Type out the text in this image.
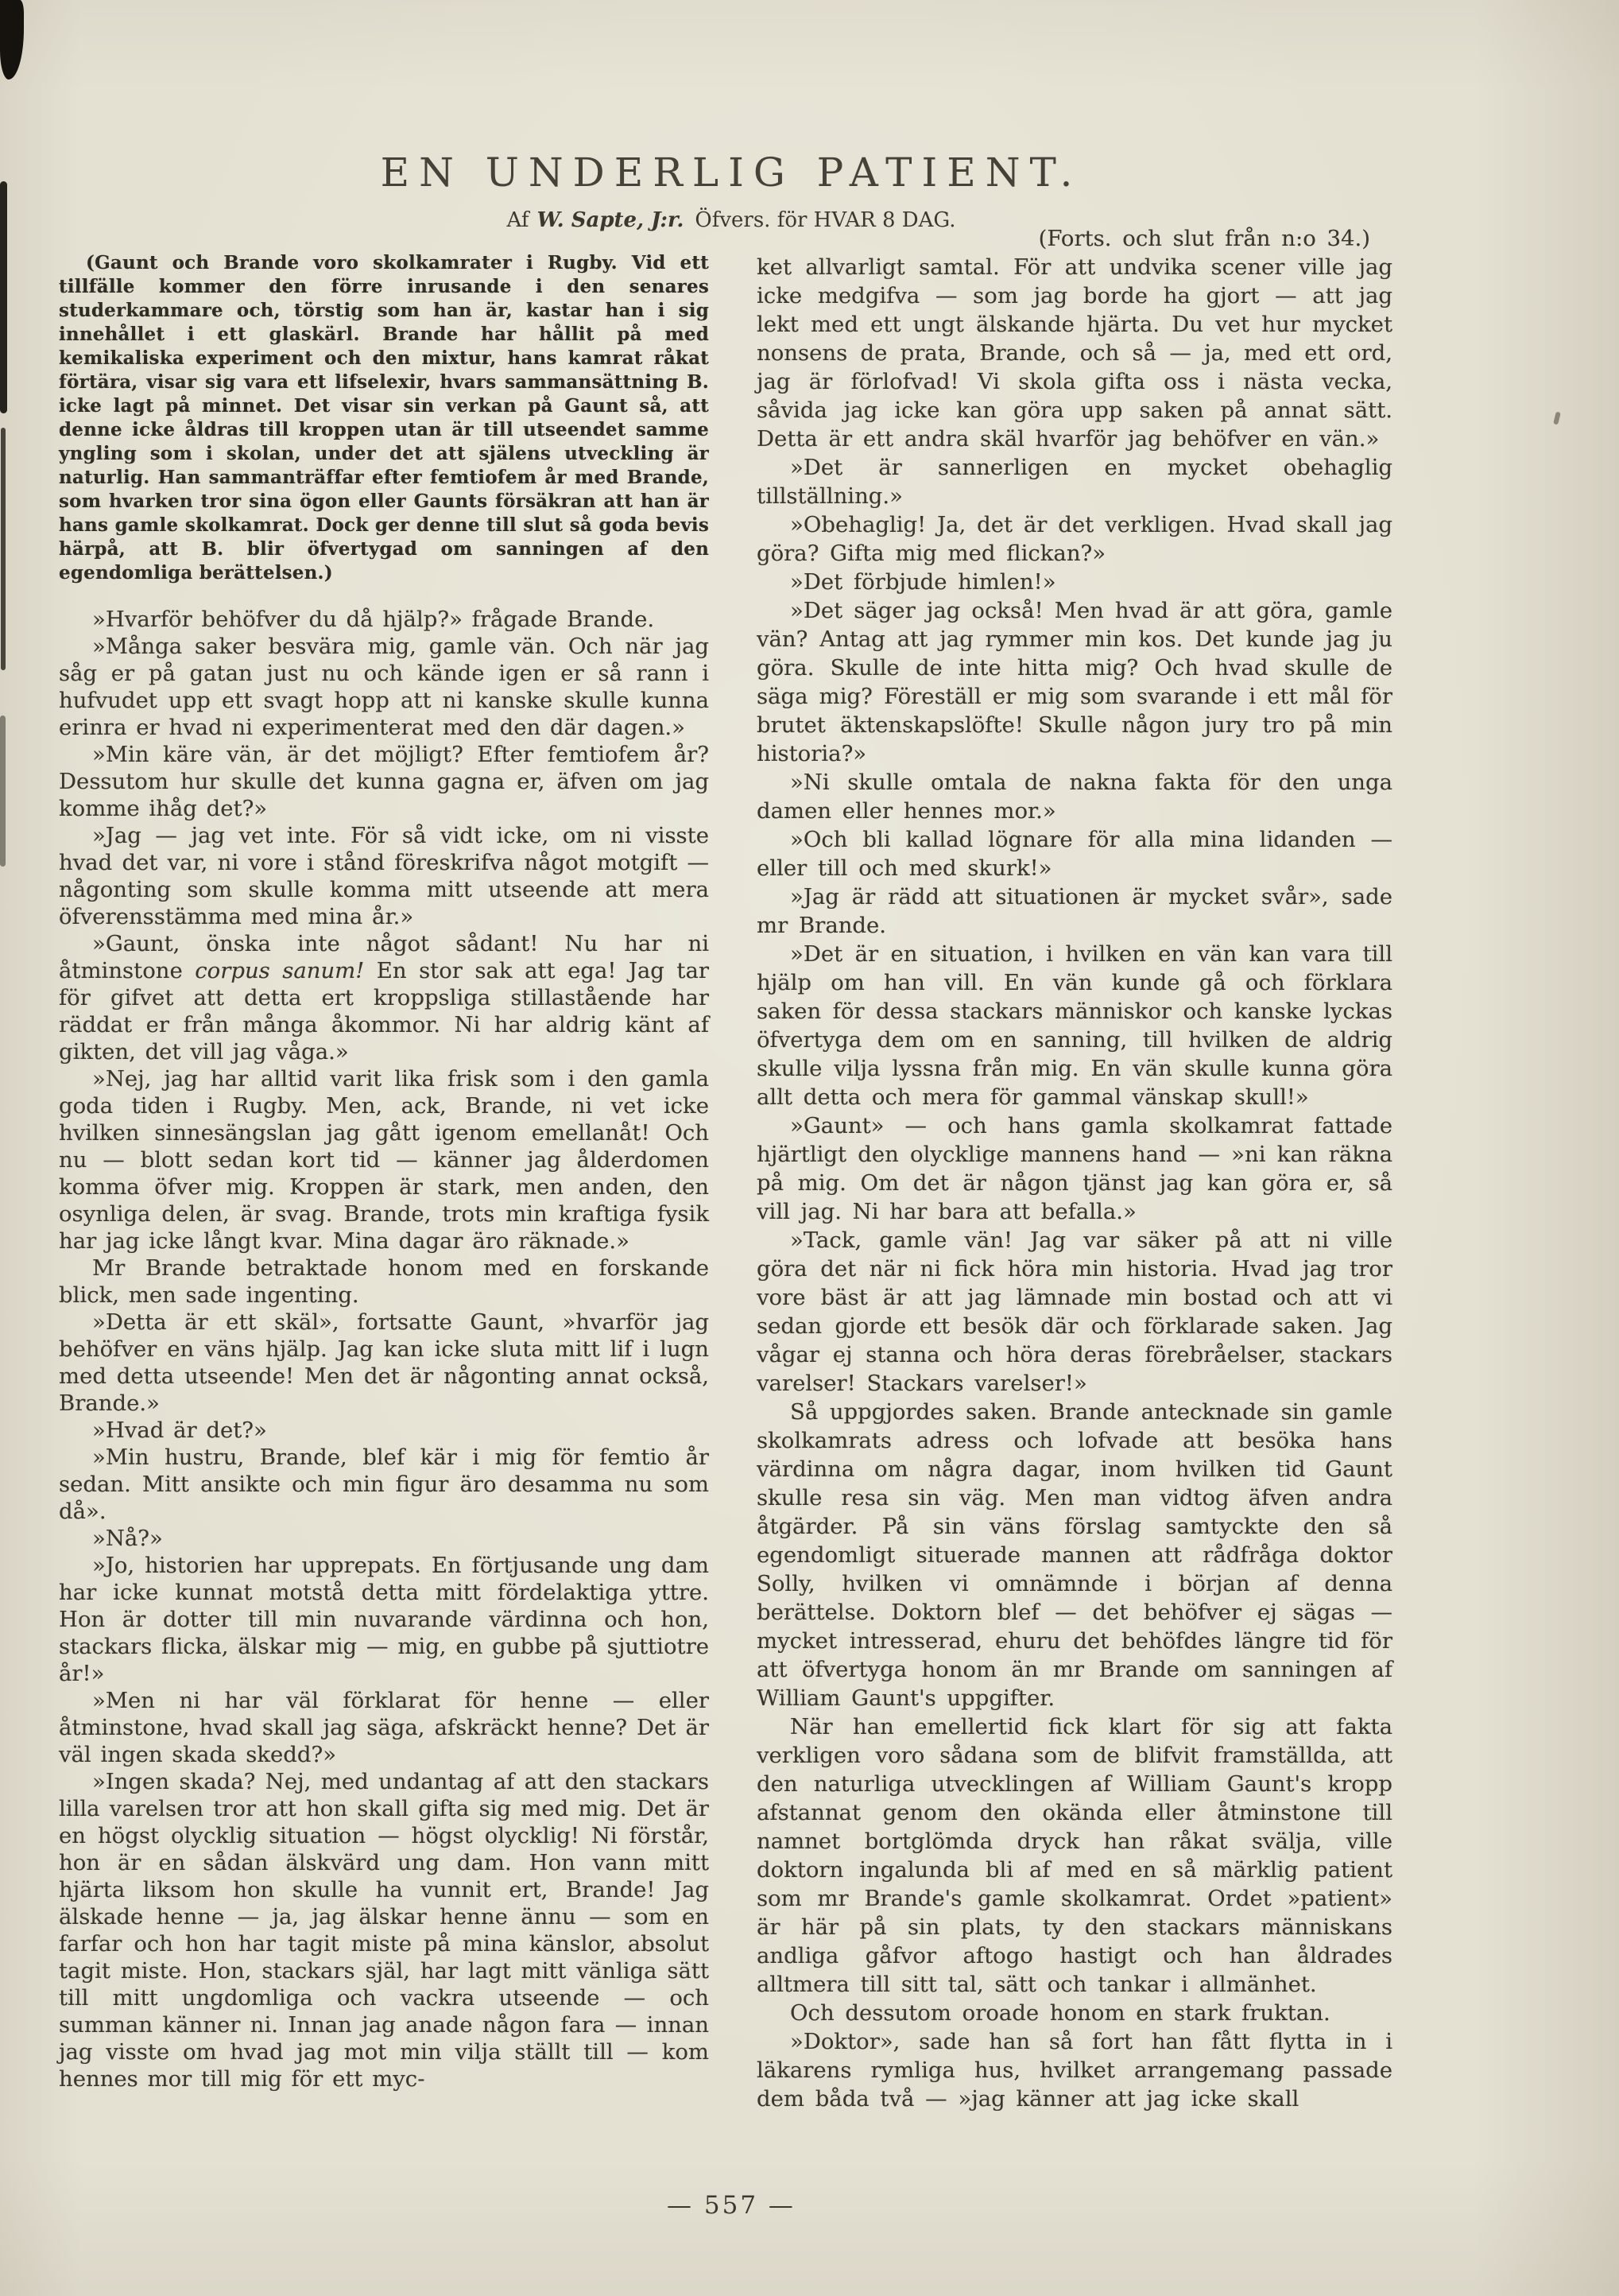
EN UNDERLIG PATIENT.
Af W. Sapte, J:r. Öfvers. för HVAR 8 DAG.

(Gaunt och Brande voro skolkamrater i Rugby. Vid ett tillfälle kommer den förre inrusande i den senares studerkammare och, törstig som han är, kastar han i sig innehållet i ett glaskärl. Brande har hållit på med kemikaliska experiment och den mixtur, hans kamrat råkat förtära, visar sig vara ett lifselexir, hvars sammansättning B. icke lagt på minnet. Det visar sin verkan på Gaunt så, att denne icke åldras till kroppen utan är till utseendet samme yngling som i skolan, under det att själens utveckling är naturlig. Han sammanträffar efter femtiofem år med Brande, som hvarken tror sina ögon eller Gaunts försäkran att han är hans gamle skolkamrat. Dock ger denne till slut så goda bevis härpå, att B. blir öfvertygad om sanningen af den egendomliga berättelsen.)

»Hvarför behöfver du då hjälp?» frågade Brande.

»Många saker besvära mig, gamle vän. Och när jag såg er på gatan just nu och kände igen er så rann i hufvudet upp ett svagt hopp att ni kanske skulle kunna erinra er hvad ni experimenterat med den där dagen.»

»Min käre vän, är det möjligt? Efter femtiofem år? Dessutom hur skulle det kunna gagna er, äfven om jag komme ihåg det?»

»Jag — jag vet inte. För så vidt icke, om ni visste hvad det var, ni vore i stånd föreskrifva något motgift — någonting som skulle komma mitt utseende att mera öfverensstämma med mina år.»

»Gaunt, önska inte något sådant! Nu har ni åtminstone corpus sanum! En stor sak att ega! Jag tar för gifvet att detta ert kroppsliga stillastående har räddat er från många åkommor. Ni har aldrig känt af gikten, det vill jag våga.»

»Nej, jag har alltid varit lika frisk som i den gamla goda tiden i Rugby. Men, ack, Brande, ni vet icke hvilken sinnesängslan jag gått igenom emellanåt! Och nu — blott sedan kort tid — känner jag ålderdomen komma öfver mig. Kroppen är stark, men anden, den osynliga delen, är svag. Brande, trots min kraftiga fysik har jag icke långt kvar. Mina dagar äro räknade.»

Mr Brande betraktade honom med en forskande blick, men sade ingenting.

»Detta är ett skäl», fortsatte Gaunt, »hvarför jag behöfver en väns hjälp. Jag kan icke sluta mitt lif i lugn med detta utseende! Men det är någonting annat också, Brande.»

»Hvad är det?»

»Min hustru, Brande, blef kär i mig för femtio år sedan. Mitt ansikte och min figur äro desamma nu som då».

»Nå?»

»Jo, historien har upprepats. En förtjusande ung dam har icke kunnat motstå detta mitt fördelaktiga yttre. Hon är dotter till min nuvarande värdinna och hon, stackars flicka, älskar mig — mig, en gubbe på sjuttiotre år!»

»Men ni har väl förklarat för henne — eller åtminstone, hvad skall jag säga, afskräckt henne? Det är väl ingen skada skedd?»

»Ingen skada? Nej, med undantag af att den stackars lilla varelsen tror att hon skall gifta sig med mig. Det är en högst olycklig situation — högst olycklig! Ni förstår, hon är en sådan älskvärd ung dam. Hon vann mitt hjärta liksom hon skulle ha vunnit ert, Brande! Jag älskade henne — ja, jag älskar henne ännu — som en farfar och hon har tagit miste på mina känslor, absolut tagit miste. Hon, stackars själ, har lagt mitt vänliga sätt till mitt ungdomliga och vackra utseende — och summan känner ni. Innan jag anade någon fara — innan jag visste om hvad jag mot min vilja ställt till — kom hennes mor till mig för ett myc-

(Forts. och slut från n:o 34.)

ket allvarligt samtal. För att undvika scener ville jag icke medgifva — som jag borde ha gjort — att jag lekt med ett ungt älskande hjärta. Du vet hur mycket nonsens de prata, Brande, och så — ja, med ett ord, jag är förlofvad! Vi skola gifta oss i nästa vecka, såvida jag icke kan göra upp saken på annat sätt. Detta är ett andra skäl hvarför jag behöfver en vän.»

»Det är sannerligen en mycket obehaglig tillställning.»

»Obehaglig! Ja, det är det verkligen. Hvad skall jag göra? Gifta mig med flickan?»

»Det förbjude himlen!»

»Det säger jag också! Men hvad är att göra, gamle vän? Antag att jag rymmer min kos. Det kunde jag ju göra. Skulle de inte hitta mig? Och hvad skulle de säga mig? Föreställ er mig som svarande i ett mål för brutet äktenskapslöfte! Skulle någon jury tro på min historia?»

»Ni skulle omtala de nakna fakta för den unga damen eller hennes mor.»

»Och bli kallad lögnare för alla mina lidanden — eller till och med skurk!»

»Jag är rädd att situationen är mycket svår», sade mr Brande.

»Det är en situation, i hvilken en vän kan vara till hjälp om han vill. En vän kunde gå och förklara saken för dessa stackars människor och kanske lyckas öfvertyga dem om en sanning, till hvilken de aldrig skulle vilja lyssna från mig. En vän skulle kunna göra allt detta och mera för gammal vänskap skull!»

»Gaunt» — och hans gamla skolkamrat fattade hjärtligt den olycklige mannens hand — »ni kan räkna på mig. Om det är någon tjänst jag kan göra er, så vill jag. Ni har bara att befalla.»

»Tack, gamle vän! Jag var säker på att ni ville göra det när ni fick höra min historia. Hvad jag tror vore bäst är att jag lämnade min bostad och att vi sedan gjorde ett besök där och förklarade saken. Jag vågar ej stanna och höra deras förebråelser, stackars varelser! Stackars varelser!»

Så uppgjordes saken. Brande antecknade sin gamle skolkamrats adress och lofvade att besöka hans värdinna om några dagar, inom hvilken tid Gaunt skulle resa sin väg. Men man vidtog äfven andra åtgärder. På sin väns förslag samtyckte den så egendomligt situerade mannen att rådfråga doktor Solly, hvilken vi omnämnde i början af denna berättelse. Doktorn blef — det behöfver ej sägas — mycket intresserad, ehuru det behöfdes längre tid för att öfvertyga honom än mr Brande om sanningen af William Gaunt's uppgifter.

När han emellertid fick klart för sig att fakta verkligen voro sådana som de blifvit framställda, att den naturliga utvecklingen af William Gaunt's kropp afstannat genom den okända eller åtminstone till namnet bortglömda dryck han råkat svälja, ville doktorn ingalunda bli af med en så märklig patient som mr Brande's gamle skolkamrat. Ordet »patient» är här på sin plats, ty den stackars människans andliga gåfvor aftogo hastigt och han åldrades alltmera till sitt tal, sätt och tankar i allmänhet.

Och dessutom oroade honom en stark fruktan.

»Doktor», sade han så fort han fått flytta in i läkarens rymliga hus, hvilket arrangemang passade dem båda två — »jag känner att jag icke skall

— 557 —
